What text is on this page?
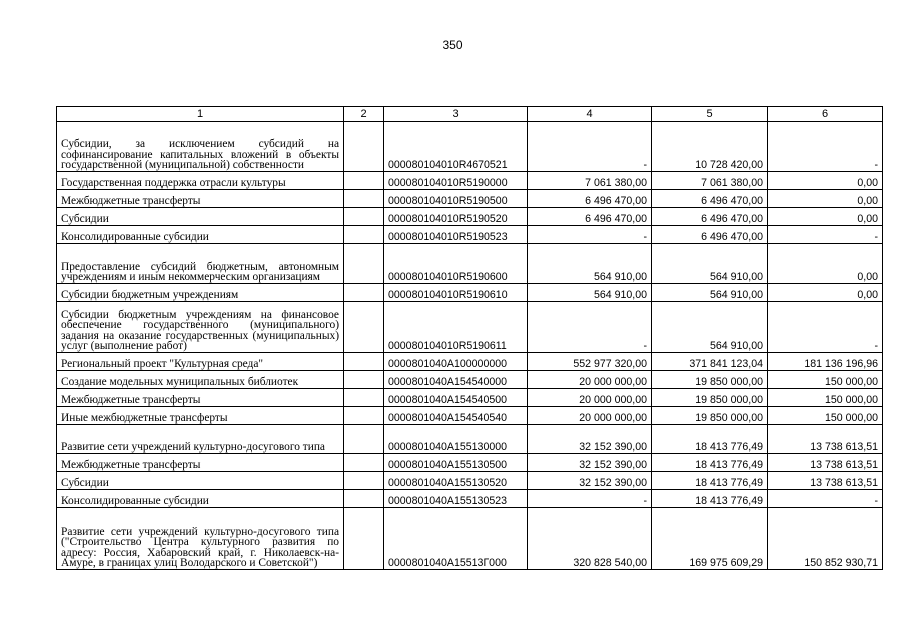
350
1	2	3	4	5	6
Субсидии, за исключением субсидий на софинансирование капитальных вложений в объекты государственной (муниципальной) собственности		000080104010R4670521	-	10 728 420,00	-
Государственная поддержка отрасли культуры		000080104010R5190000	7 061 380,00	7 061 380,00	0,00
Межбюджетные трансферты		000080104010R5190500	6 496 470,00	6 496 470,00	0,00
Субсидии		000080104010R5190520	6 496 470,00	6 496 470,00	0,00
Консолидированные субсидии		000080104010R5190523	-	6 496 470,00	-
Предоставление субсидий бюджетным, автономным учреждениям и иным некоммерческим организациям		000080104010R5190600	564 910,00	564 910,00	0,00
Субсидии бюджетным учреждениям		000080104010R5190610	564 910,00	564 910,00	0,00
Субсидии бюджетным учреждениям на финансовое обеспечение государственного (муниципального) задания на оказание государственных (муниципальных) услуг (выполнение работ)		000080104010R5190611	-	564 910,00	-
Региональный проект "Культурная среда"		0000801040A100000000	552 977 320,00	371 841 123,04	181 136 196,96
Создание модельных муниципальных библиотек		0000801040A154540000	20 000 000,00	19 850 000,00	150 000,00
Межбюджетные трансферты		0000801040A154540500	20 000 000,00	19 850 000,00	150 000,00
Иные межбюджетные трансферты		0000801040A154540540	20 000 000,00	19 850 000,00	150 000,00
Развитие сети учреждений культурно-досугового типа		0000801040A155130000	32 152 390,00	18 413 776,49	13 738 613,51
Межбюджетные трансферты		0000801040A155130500	32 152 390,00	18 413 776,49	13 738 613,51
Субсидии		0000801040A155130520	32 152 390,00	18 413 776,49	13 738 613,51
Консолидированные субсидии		0000801040A155130523	-	18 413 776,49	-
Развитие сети учреждений культурно-досугового типа ("Строительство Центра культурного развития по адресу: Россия, Хабаровский край, г. Николаевск-на-Амуре, в границах улиц Володарского и Советской")		0000801040A15513Г000	320 828 540,00	169 975 609,29	150 852 930,71
